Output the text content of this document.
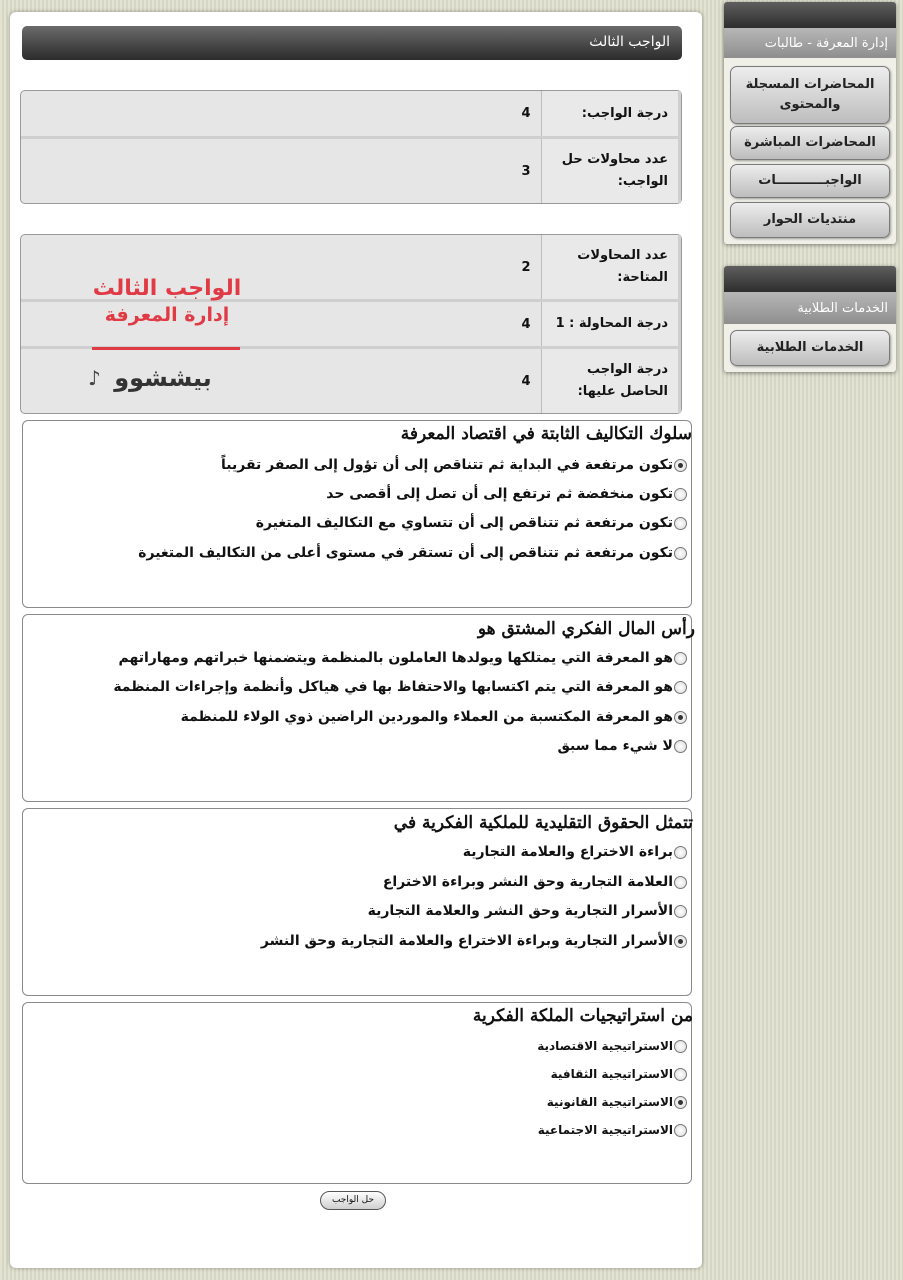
الواجب الثالث
درجة الواجب:
4
عدد محاولات حل الواجب:
3
عدد المحاولات المتاحة:
2
درجة المحاولة : 1
4
درجة الواجب الحاصل عليها:
4
الواجب الثالث
إدارة المعرفة
بيششوو
♪
سلوك التكاليف الثابتة في اقتصاد المعرفة
تكون مرتفعة في البداية ثم تتناقص إلى أن تؤول إلى الصفر تقريباً
تكون منخفضة ثم ترتفع إلى أن تصل إلى أقصى حد
تكون مرتفعة ثم تتناقص إلى أن تتساوي مع التكاليف المتغيرة
تكون مرتفعة ثم تتناقص إلى أن تستقر في مستوى أعلى من التكاليف المتغيرة
رأس المال الفكري المشتق هو
هو المعرفة التي يمتلكها ويولدها العاملون بالمنظمة ويتضمنها خبراتهم ومهاراتهم
هو المعرفة التي يتم اكتسابها والاحتفاظ بها في هياكل وأنظمة وإجراءات المنظمة
هو المعرفة المكتسبة من العملاء والموردين الراضين ذوي الولاء للمنظمة
لا شيء مما سبق
تتمثل الحقوق التقليدية للملكية الفكرية في
براءة الاختراع والعلامة التجارية
العلامة التجارية وحق النشر وبراءة الاختراع
الأسرار التجارية وحق النشر والعلامة التجارية
الأسرار التجارية وبراءة الاختراع والعلامة التجارية وحق النشر
من استراتيجيات الملكة الفكرية
الاستراتيجية الاقتصادية
الاستراتيجية الثقافية
الاستراتيجية القانونية
الاستراتيجية الاجتماعية
حل الواجب
إدارة المعرفة - طالبات
المحاضرات المسجلة والمحتوى
المحاضرات المباشرة
الواجبـــــــــــات
منتديات الحوار
الخدمات الطلابية
الخدمات الطلابية
